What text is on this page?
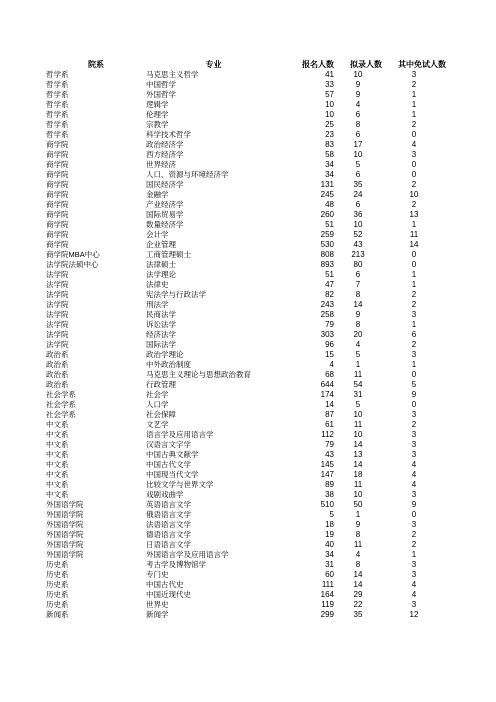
院系	专业	报名人数	拟录人数	其中免试人数
哲学系	马克思主义哲学	41	10	3
哲学系	中国哲学	33	9	2
哲学系	外国哲学	57	9	1
哲学系	逻辑学	10	4	1
哲学系	伦理学	10	6	1
哲学系	宗教学	25	8	2
哲学系	科学技术哲学	23	6	0
商学院	政治经济学	83	17	4
商学院	西方经济学	58	10	3
商学院	世界经济	34	5	0
商学院	人口、资源与环境经济学	34	6	0
商学院	国民经济学	131	35	2
商学院	金融学	245	24	10
商学院	产业经济学	48	6	2
商学院	国际贸易学	260	36	13
商学院	数量经济学	51	10	1
商学院	会计学	259	52	11
商学院	企业管理	530	43	14
商学院MBA中心	工商管理硕士	808	213	0
法学院法硕中心	法律硕士	893	80	0
法学院	法学理论	51	6	1
法学院	法律史	47	7	1
法学院	宪法学与行政法学	82	8	2
法学院	刑法学	243	14	2
法学院	民商法学	258	9	3
法学院	诉讼法学	79	8	1
法学院	经济法学	303	20	6
法学院	国际法学	96	4	2
政治系	政治学理论	15	5	3
政治系	中外政治制度	4	1	1
政治系	马克思主义理论与思想政治教育	68	11	0
政治系	行政管理	644	54	5
社会学系	社会学	174	31	9
社会学系	人口学	14	5	0
社会学系	社会保障	87	10	3
中文系	文艺学	61	11	2
中文系	语言学及应用语言学	112	10	3
中文系	汉语言文字学	79	14	3
中文系	中国古典文献学	43	13	3
中文系	中国古代文学	145	14	4
中文系	中国现当代文学	147	18	4
中文系	比较文学与世界文学	89	11	4
中文系	戏剧戏曲学	38	10	3
外国语学院	英语语言文学	510	50	9
外国语学院	俄语语言文学	5	1	0
外国语学院	法语语言文学	18	9	3
外国语学院	德语语言文学	19	8	2
外国语学院	日语语言文学	40	11	2
外国语学院	外国语言学及应用语言学	34	4	1
历史系	考古学及博物馆学	31	8	3
历史系	专门史	60	14	3
历史系	中国古代史	111	14	4
历史系	中国近现代史	164	29	4
历史系	世界史	119	22	3
新闻系	新闻学	299	35	12
